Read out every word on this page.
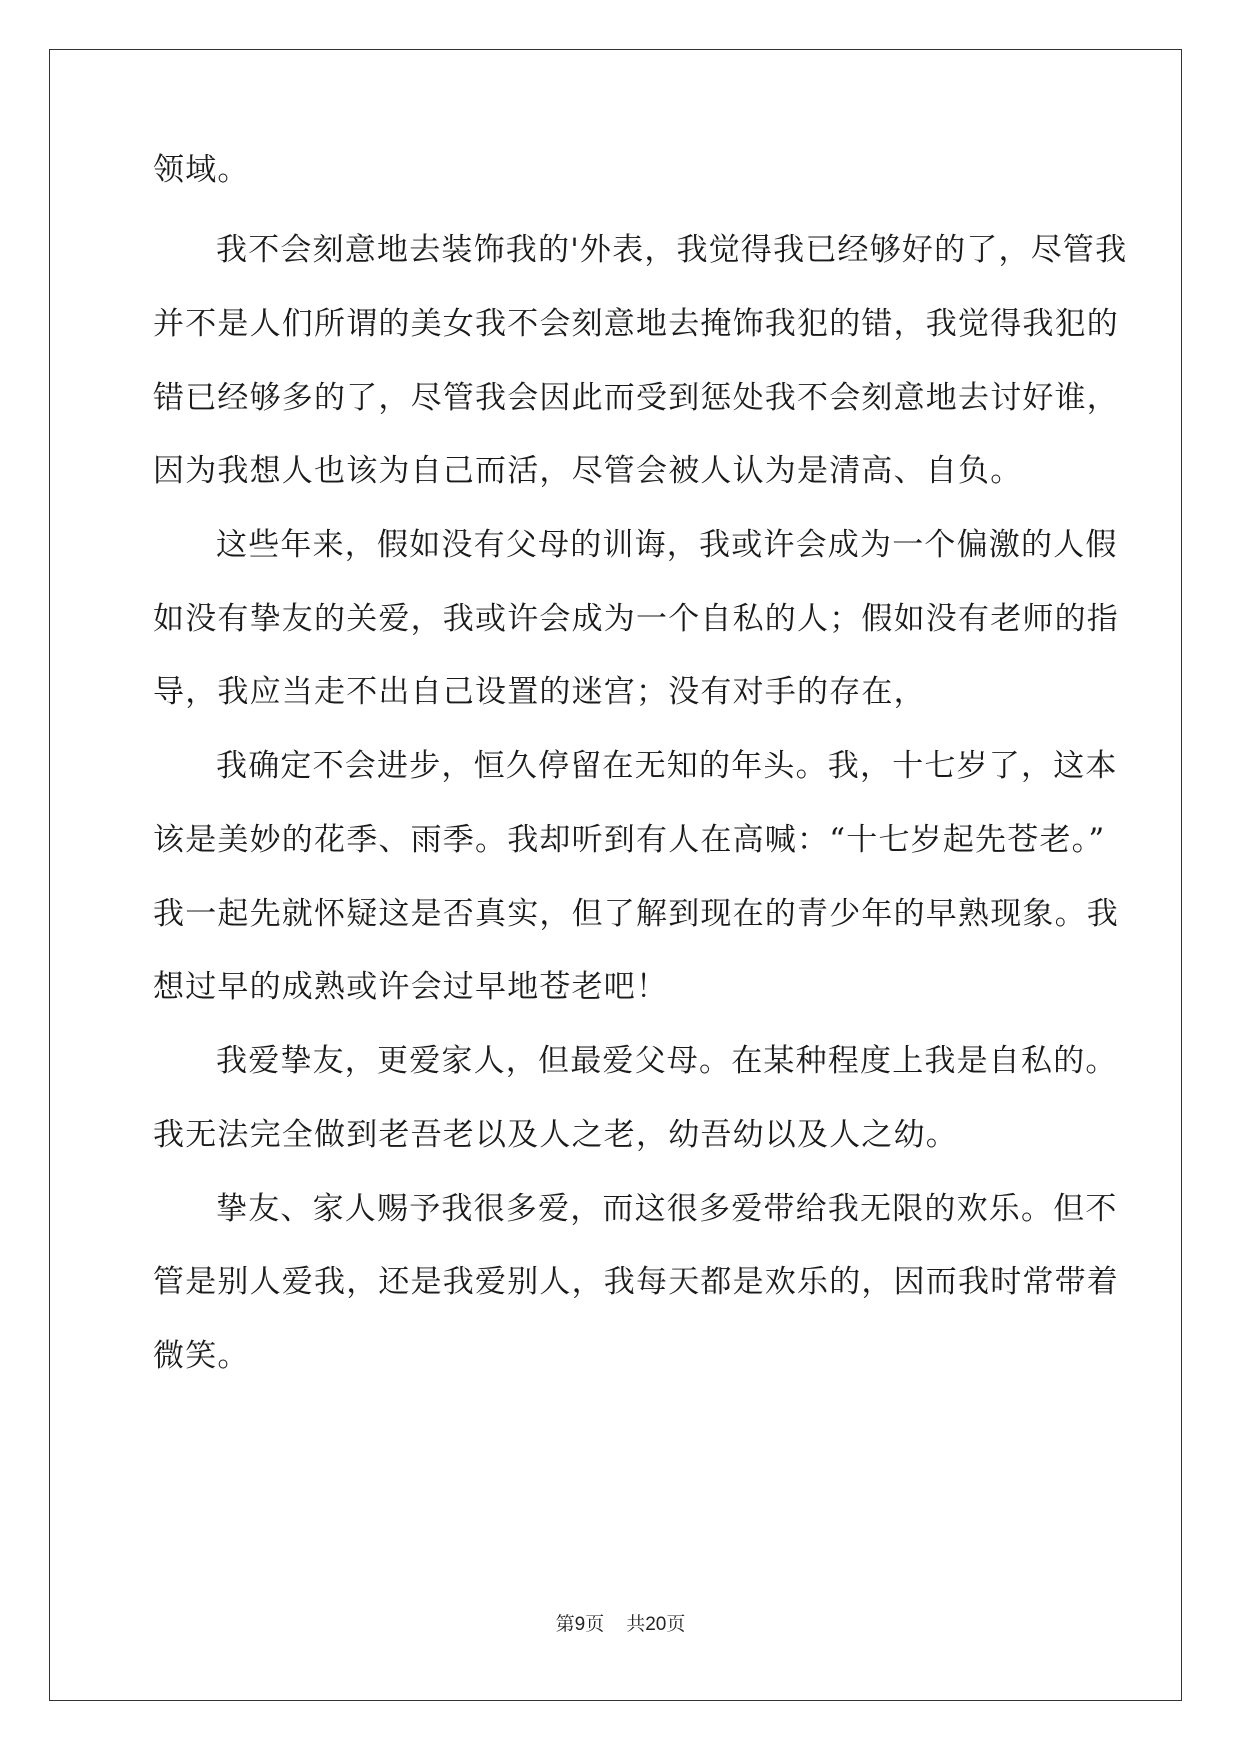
领域。
我不会刻意地去装饰我的'外表，我觉得我已经够好的了，尽管我
并不是人们所谓的美女我不会刻意地去掩饰我犯的错，我觉得我犯的
错已经够多的了，尽管我会因此而受到惩处我不会刻意地去讨好谁，
因为我想人也该为自己而活，尽管会被人认为是清高、自负。
这些年来，假如没有父母的训诲，我或许会成为一个偏激的人假
如没有挚友的关爱，我或许会成为一个自私的人；假如没有老师的指
导，我应当走不出自己设置的迷宫；没有对手的存在，
我确定不会进步，恒久停留在无知的年头。我，十七岁了，这本
该是美妙的花季、雨季。我却听到有人在高喊：“十七岁起先苍老。”
我一起先就怀疑这是否真实，但了解到现在的青少年的早熟现象。我
想过早的成熟或许会过早地苍老吧！
我爱挚友，更爱家人，但最爱父母。在某种程度上我是自私的。
我无法完全做到老吾老以及人之老，幼吾幼以及人之幼。
挚友、家人赐予我很多爱，而这很多爱带给我无限的欢乐。但不
管是别人爱我，还是我爱别人，我每天都是欢乐的，因而我时常带着
微笑。
第9页 共20页
